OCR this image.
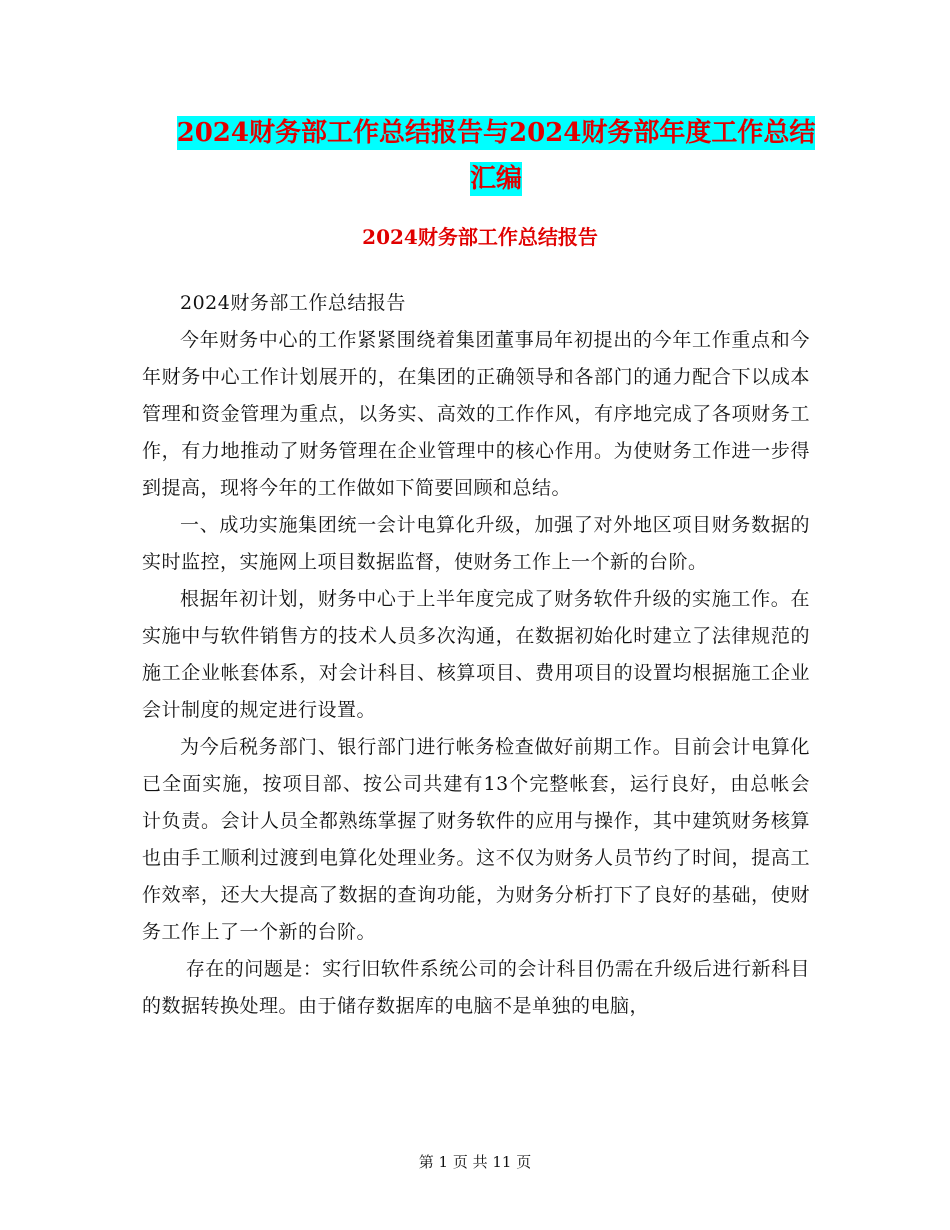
2024财务部工作总结报告与2024财务部年度工作总结
汇编
2024财务部工作总结报告

2024财务部工作总结报告

今年财务中心的工作紧紧围绕着集团董事局年初提出的今年工作重点和今年财务中心工作计划展开的，在集团的正确领导和各部门的通力配合下以成本管理和资金管理为重点，以务实、高效的工作作风，有序地完成了各项财务工作，有力地推动了财务管理在企业管理中的核心作用。为使财务工作进一步得到提高，现将今年的工作做如下简要回顾和总结。

一、成功实施集团统一会计电算化升级，加强了对外地区项目财务数据的实时监控，实施网上项目数据监督，使财务工作上一个新的台阶。

根据年初计划，财务中心于上半年度完成了财务软件升级的实施工作。在实施中与软件销售方的技术人员多次沟通，在数据初始化时建立了法律规范的施工企业帐套体系，对会计科目、核算项目、费用项目的设置均根据施工企业会计制度的规定进行设置。

为今后税务部门、银行部门进行帐务检查做好前期工作。目前会计电算化已全面实施，按项目部、按公司共建有13个完整帐套，运行良好，由总帐会计负责。会计人员全都熟练掌握了财务软件的应用与操作，其中建筑财务核算也由手工顺利过渡到电算化处理业务。这不仅为财务人员节约了时间，提高工作效率，还大大提高了数据的查询功能，为财务分析打下了良好的基础，使财务工作上了一个新的台阶。

存在的问题是：实行旧软件系统公司的会计科目仍需在升级后进行新科目的数据转换处理。由于储存数据库的电脑不是单独的电脑，

第 1 页 共 11 页
